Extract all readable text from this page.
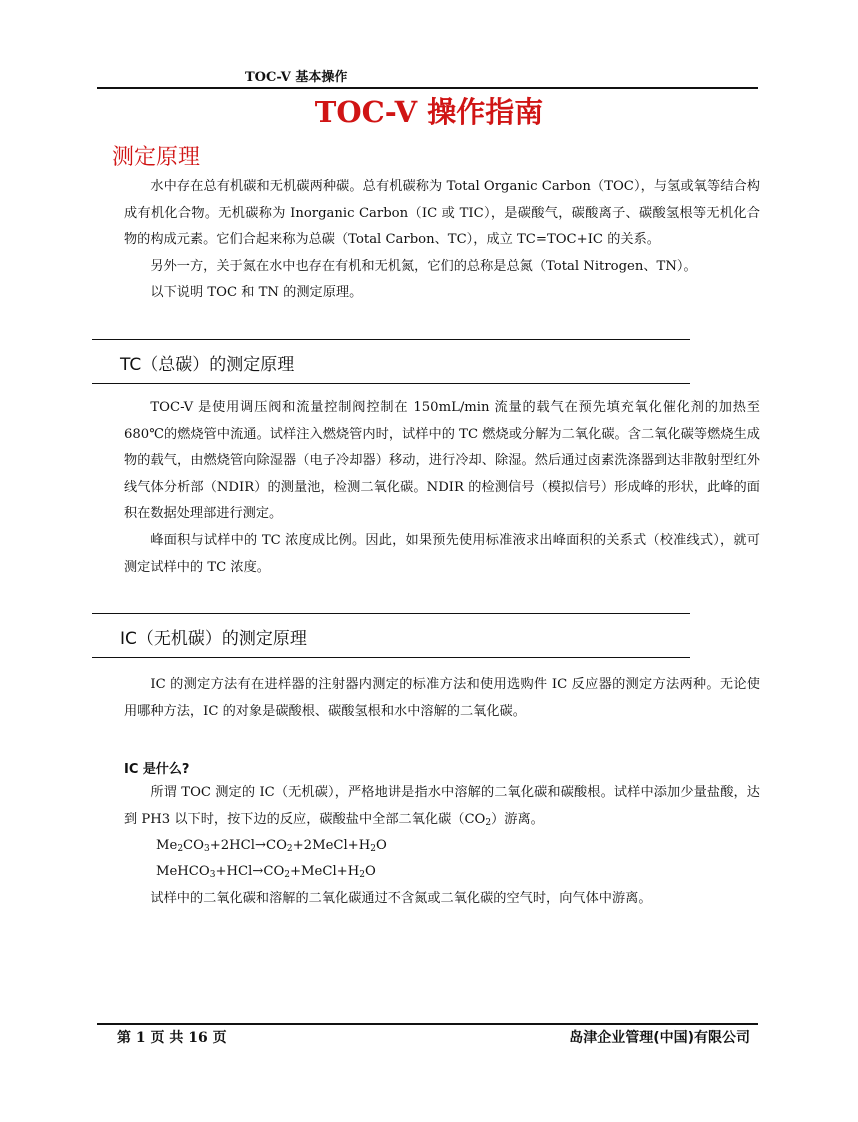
TOC-V 基本操作
TOC-V 操作指南
测定原理

水中存在总有机碳和无机碳两种碳。总有机碳称为 Total Organic Carbon（TOC），与氢或氧等结合构成有机化合物。无机碳称为 Inorganic Carbon（IC 或 TIC），是碳酸气，碳酸离子、碳酸氢根等无机化合物的构成元素。它们合起来称为总碳（Total Carbon、TC），成立 TC=TOC+IC 的关系。

另外一方，关于氮在水中也存在有机和无机氮，它们的总称是总氮（Total Nitrogen、TN）。

以下说明 TOC 和 TN 的测定原理。

TC（总碳）的测定原理

TOC-V 是使用调压阀和流量控制阀控制在 150mL/min 流量的载气在预先填充氧化催化剂的加热至 680℃的燃烧管中流通。试样注入燃烧管内时，试样中的 TC 燃烧或分解为二氧化碳。含二氧化碳等燃烧生成物的载气，由燃烧管向除湿器（电子冷却器）移动，进行冷却、除湿。然后通过卤素洗涤器到达非散射型红外线气体分析部（NDIR）的测量池，检测二氧化碳。NDIR 的检测信号（模拟信号）形成峰的形状，此峰的面积在数据处理部进行测定。

峰面积与试样中的 TC 浓度成比例。因此，如果预先使用标准液求出峰面积的关系式（校准线式），就可测定试样中的 TC 浓度。

IC（无机碳）的测定原理

IC 的测定方法有在进样器的注射器内测定的标准方法和使用选购件 IC 反应器的测定方法两种。无论使用哪种方法，IC 的对象是碳酸根、碳酸氢根和水中溶解的二氧化碳。

IC 是什么?

所谓 TOC 测定的 IC（无机碳），严格地讲是指水中溶解的二氧化碳和碳酸根。试样中添加少量盐酸，达到 PH3 以下时，按下边的反应，碳酸盐中全部二氧化碳$(CO_2)$游离。

$Me_2CO_3+2HCl\to CO_2+2MeCl+H_2O$
$MeHCO_3+HCl\to CO_2+MeCl+H_2O$

试样中的二氧化碳和溶解的二氧化碳通过不含氮或二氧化碳的空气时，向气体中游离。

第 1 页 共 16 页	岛津企业管理(中国)有限公司
